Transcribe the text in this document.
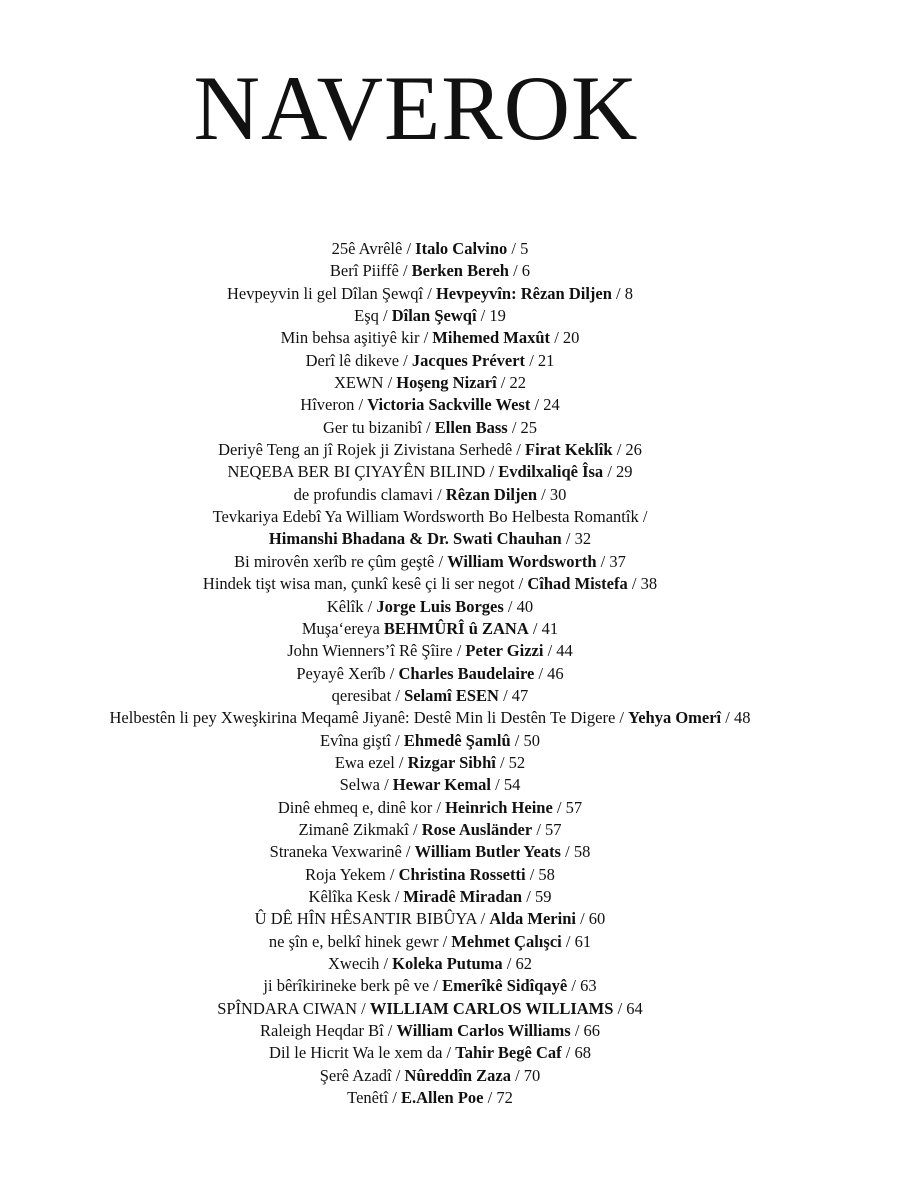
NAVEROK
25ê Avrêlê / Italo Calvino / 5
Berî Piiffê / Berken Bereh / 6
Hevpeyvin li gel Dîlan Şewqî / Hevpeyvîn: Rêzan Diljen / 8
Eşq / Dîlan Şewqî / 19
Min behsa aşitiyê kir / Mihemed Maxût / 20
Derî lê dikeve / Jacques Prévert / 21
XEWN / Hoşeng Nizarî / 22
Hîveron / Victoria Sackville West / 24
Ger tu bizanibî / Ellen Bass / 25
Deriyê Teng an jî Rojek ji Zivistana Serhedê / Firat Keklîk / 26
NEQEBA BER BI ÇIYAYÊN BILIND / Evdilxaliqê Îsa / 29
de profundis clamavi / Rêzan Diljen / 30
Tevkariya Edebî Ya William Wordsworth Bo Helbesta Romantîk /
Himanshi Bhadana & Dr. Swati Chauhan / 32
Bi mirovên xerîb re çûm geştê / William Wordsworth / 37
Hindek tişt wisa man, çunkî kesê çi li ser negot / Cîhad Mistefa / 38
Kêlîk / Jorge Luis Borges / 40
Muşa‘ereya BEHMÛRÎ û ZANA / 41
John Wienners’î Rê Şîire / Peter Gizzi / 44
Peyayê Xerîb / Charles Baudelaire / 46
qeresibat / Selamî ESEN / 47
Helbestên li pey Xweşkirina Meqamê Jiyanê: Destê Min li Destên Te Digere / Yehya Omerî / 48
Evîna giştî / Ehmedê Şamlû / 50
Ewa ezel / Rizgar Sibhî / 52
Selwa / Hewar Kemal / 54
Dinê ehmeq e, dinê kor / Heinrich Heine / 57
Zimanê Zikmakî / Rose Ausländer / 57
Straneka Vexwarinê / William Butler Yeats / 58
Roja Yekem / Christina Rossetti / 58
Kêlîka Kesk / Miradê Miradan / 59
Û DÊ HÎN HÊSANTIR BIBÛYA / Alda Merini / 60
ne şîn e, belkî hinek gewr / Mehmet Çalışci / 61
Xwecih / Koleka Putuma / 62
ji bêrîkirineke berk pê ve / Emerîkê Sidîqayê / 63
SPÎNDARA CIWAN / WILLIAM CARLOS WILLIAMS / 64
Raleigh Heqdar Bî / William Carlos Williams / 66
Dil le Hicrit Wa le xem da / Tahir Begê Caf / 68
Şerê Azadî / Nûreddîn Zaza / 70
Tenêtî / E.Allen Poe / 72
